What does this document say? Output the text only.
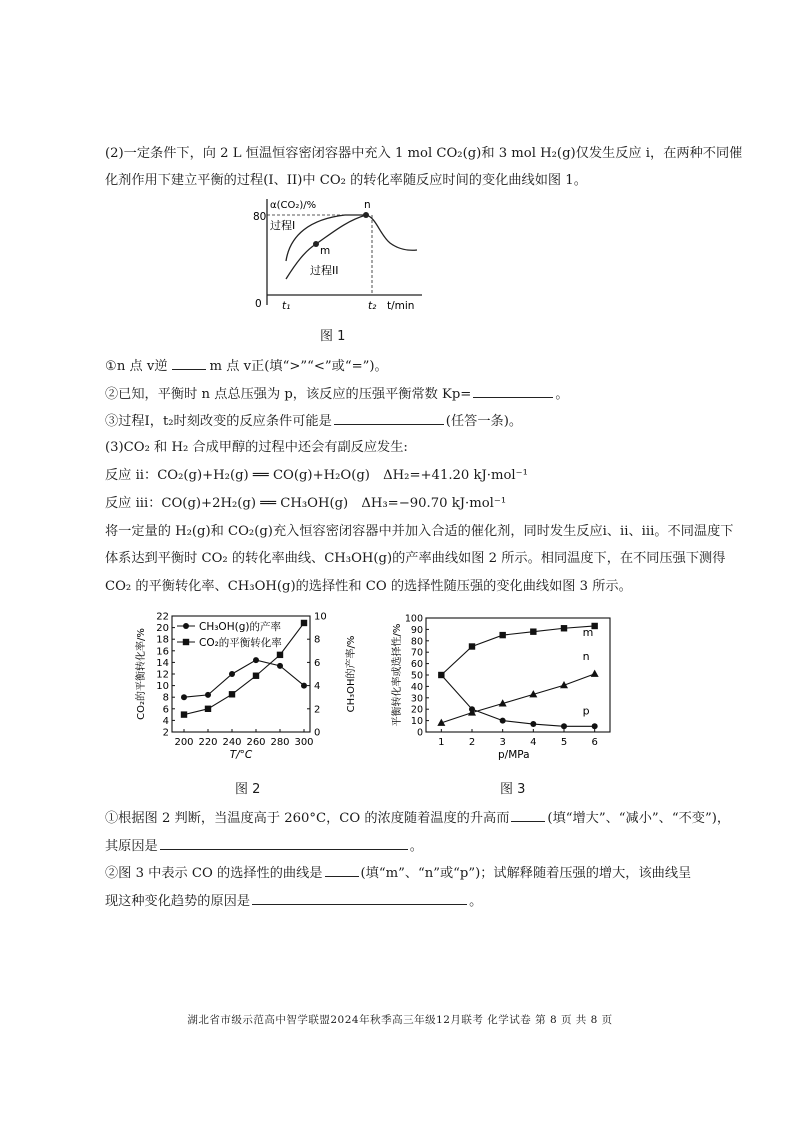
(2)一定条件下，向 2 L 恒温恒容密闭容器中充入 1 mol CO₂(g)和 3 mol H₂(g)仅发生反应 i，在两种不同催
化剂作用下建立平衡的过程(I、II)中 CO₂ 的转化率随反应时间的变化曲线如图 1。
α(CO₂)/%
80
0
m
n
过程I
过程II
t₁	t₂ t/min
图 1
①n 点 v逆	m 点 v正(填“>”“<”或“=”)。
②已知，平衡时 n 点总压强为 p，该反应的压强平衡常数 Kp=	。
③过程I，t₂时刻改变的反应条件可能是	(任答一条)。
(3)CO₂ 和 H₂ 合成甲醇的过程中还会有副反应发生:
反应 ii：CO₂(g)+H₂(g) ══ CO(g)+H₂O(g)　ΔH₂=+41.20 kJ·mol⁻¹
反应 iii：CO(g)+2H₂(g) ══ CH₃OH(g)　ΔH₃=−90.70 kJ·mol⁻¹
将一定量的 H₂(g)和 CO₂(g)充入恒容密闭容器中并加入合适的催化剂，同时发生反应i、ii、iii。不同温度下
体系达到平衡时 CO₂ 的转化率曲线、CH₃OH(g)的产率曲线如图 2 所示。相同温度下，在不同压强下测得
CO₂ 的平衡转化率、CH₃OH(g)的选择性和 CO 的选择性随压强的变化曲线如图 3 所示。
2
4
6
8
10
12
14
16
18
20
22
0
2
4
6
8
10
200 220 240 260 280 300
T/°C
CO₂的平衡转化率/%	CH₃OH的产率/%
CH₃OH(g)的产率
CO₂的平衡转化率
图 2
0
10
20
30
40
50
60
70
80
90
100
1 2 3 4 5 6
p/MPa
平衡转化率或选择性/%	m
n
p
图 3
①根据图 2 判断，当温度高于 260°C，CO 的浓度随着温度的升高而	(填“增大”、“减小”、“不变”)，
其原因是	。
②图 3 中表示 CO 的选择性的曲线是	(填“m”、“n”或“p”)；试解释随着压强的增大，该曲线呈
现这种变化趋势的原因是	。
湖北省市级示范高中智学联盟2024年秋季高三年级12月联考 化学试卷 第 8 页 共 8 页
